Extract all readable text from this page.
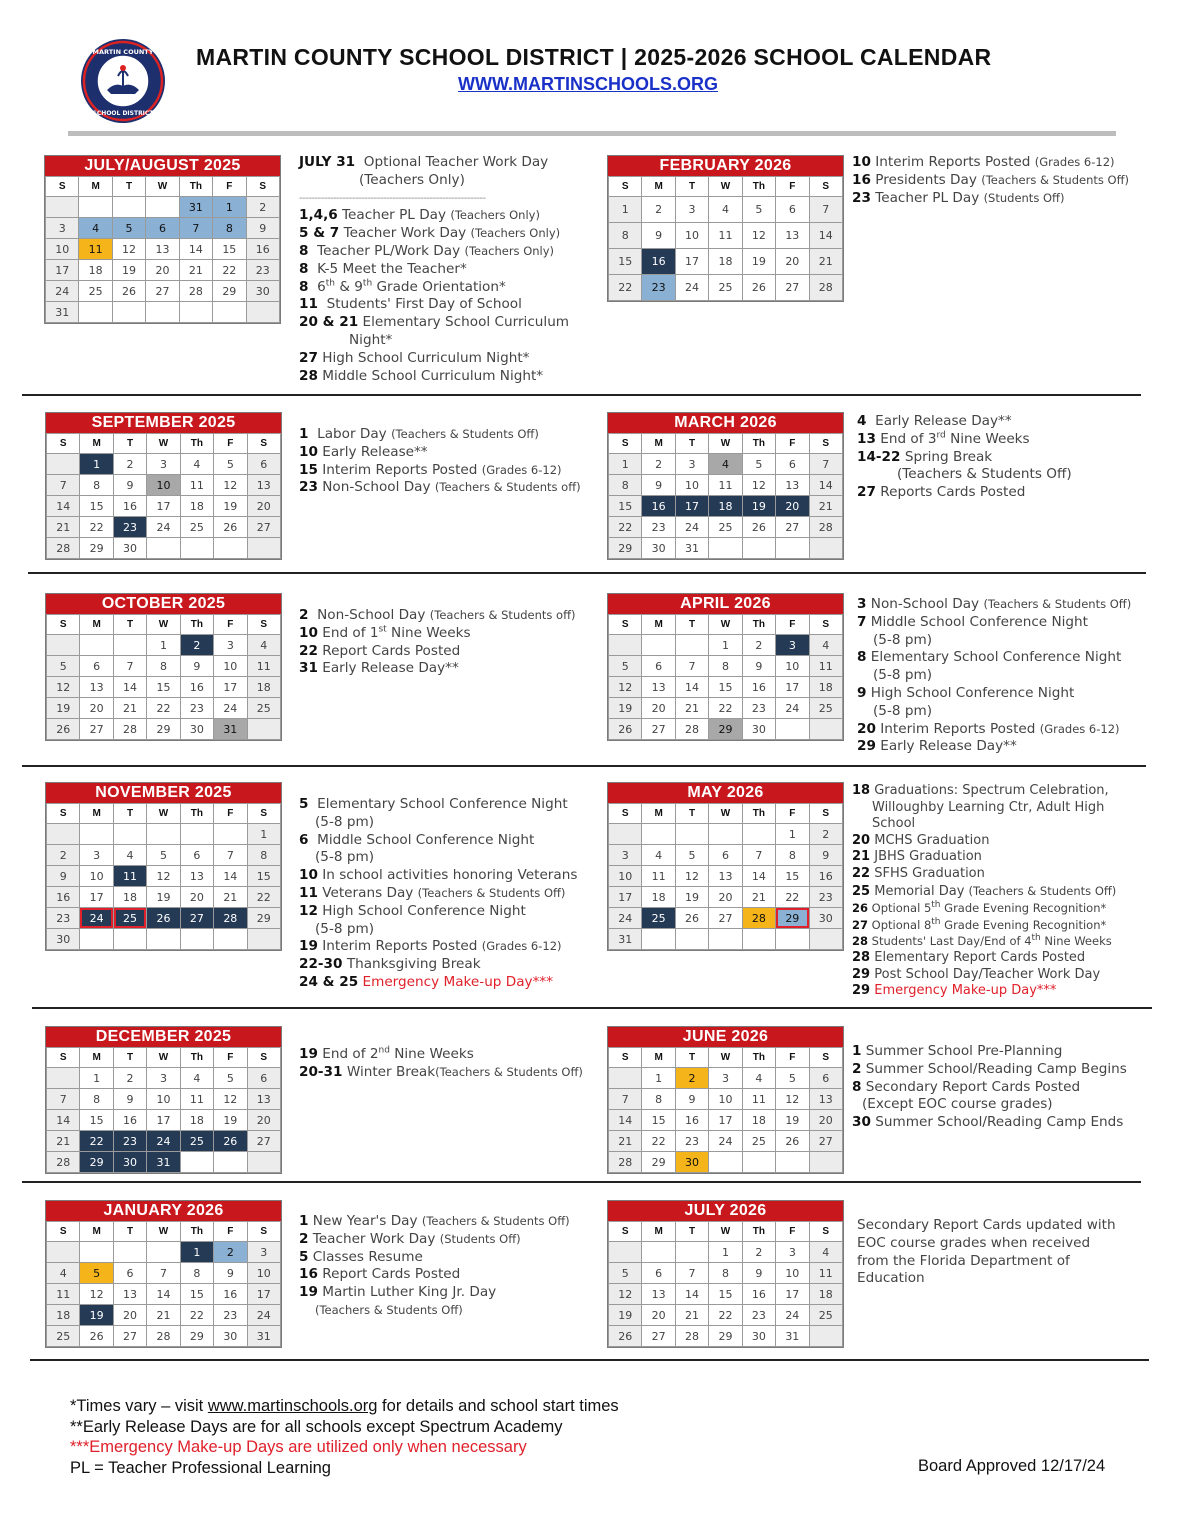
MARTIN COUNTY
SCHOOL DISTRICT
MARTIN COUNTY SCHOOL DISTRICT | 2025-2026 SCHOOL CALENDAR
WWW.MARTINSCHOOLS.ORG
JULY/AUGUST 2025
S	M	T	W	Th	F	S
				31	1	2
3	4	5	6	7	8	9
10	11	12	13	14	15	16
17	18	19	20	21	22	23
24	25	26	27	28	29	30
31						
FEBRUARY 2026
S	M	T	W	Th	F	S
1	2	3	4	5	6	7
8	9	10	11	12	13	14
15	16	17	18	19	20	21
22	23	24	25	26	27	28
SEPTEMBER 2025
S	M	T	W	Th	F	S
	1	2	3	4	5	6
7	8	9	10	11	12	13
14	15	16	17	18	19	20
21	22	23	24	25	26	27
28	29	30				
MARCH 2026
S	M	T	W	Th	F	S
1	2	3	4	5	6	7
8	9	10	11	12	13	14
15	16	17	18	19	20	21
22	23	24	25	26	27	28
29	30	31				
OCTOBER 2025
S	M	T	W	Th	F	S
			1	2	3	4
5	6	7	8	9	10	11
12	13	14	15	16	17	18
19	20	21	22	23	24	25
26	27	28	29	30	31	
APRIL 2026
S	M	T	W	Th	F	S
			1	2	3	4
5	6	7	8	9	10	11
12	13	14	15	16	17	18
19	20	21	22	23	24	25
26	27	28	29	30		
NOVEMBER 2025
S	M	T	W	Th	F	S
						1
2	3	4	5	6	7	8
9	10	11	12	13	14	15
16	17	18	19	20	21	22
23	24	25	26	27	28	29
30						
MAY 2026
S	M	T	W	Th	F	S
					1	2
3	4	5	6	7	8	9
10	11	12	13	14	15	16
17	18	19	20	21	22	23
24	25	26	27	28	29	30
31						
DECEMBER 2025
S	M	T	W	Th	F	S
	1	2	3	4	5	6
7	8	9	10	11	12	13
14	15	16	17	18	19	20
21	22	23	24	25	26	27
28	29	30	31			
JUNE 2026
S	M	T	W	Th	F	S
	1	2	3	4	5	6
7	8	9	10	11	12	13
14	15	16	17	18	19	20
21	22	23	24	25	26	27
28	29	30				
JANUARY 2026
S	M	T	W	Th	F	S
				1	2	3
4	5	6	7	8	9	10
11	12	13	14	15	16	17
18	19	20	21	22	23	24
25	26	27	28	29	30	31
JULY 2026
S	M	T	W	Th	F	S
			1	2	3	4
5	6	7	8	9	10	11
12	13	14	15	16	17	18
19	20	21	22	23	24	25
26	27	28	29	30	31	
JULY 31 Optional Teacher Work Day
(Teachers Only)
------------------------------------------------------------
1,4,6 Teacher PL Day (Teachers Only)
5 & 7 Teacher Work Day (Teachers Only)
8 Teacher PL/Work Day (Teachers Only)
8 K-5 Meet the Teacher*
8 6th & 9th Grade Orientation*
11 Students' First Day of School
20 & 21 Elementary School Curriculum
Night*
27 High School Curriculum Night*
28 Middle School Curriculum Night*
10 Interim Reports Posted (Grades 6-12)
16 Presidents Day (Teachers & Students Off)
23 Teacher PL Day (Students Off)
1 Labor Day (Teachers & Students Off)
10 Early Release**
15 Interim Reports Posted (Grades 6-12)
23 Non-School Day (Teachers & Students off)
4 Early Release Day**
13 End of 3rd Nine Weeks
14-22 Spring Break
(Teachers & Students Off)
27 Reports Cards Posted
2 Non-School Day (Teachers & Students off)
10 End of 1st Nine Weeks
22 Report Cards Posted
31 Early Release Day**
3 Non-School Day (Teachers & Students Off)
7 Middle School Conference Night
(5-8 pm)
8 Elementary School Conference Night
(5-8 pm)
9 High School Conference Night
(5-8 pm)
20 Interim Reports Posted (Grades 6-12)
29 Early Release Day**
5 Elementary School Conference Night
(5-8 pm)
6 Middle School Conference Night
(5-8 pm)
10 In school activities honoring Veterans
11 Veterans Day (Teachers & Students Off)
12 High School Conference Night
(5-8 pm)
19 Interim Reports Posted (Grades 6-12)
22-30 Thanksgiving Break
24 & 25 Emergency Make-up Day***
18 Graduations: Spectrum Celebration,
Willoughby Learning Ctr, Adult High
School
20 MCHS Graduation
21 JBHS Graduation
22 SFHS Graduation
25 Memorial Day (Teachers & Students Off)
26 Optional 5th Grade Evening Recognition*
27 Optional 8th Grade Evening Recognition*
28 Students' Last Day/End of 4th Nine Weeks
28 Elementary Report Cards Posted
29 Post School Day/Teacher Work Day
29 Emergency Make-up Day***
19 End of 2nd Nine Weeks
20-31 Winter Break(Teachers & Students Off)
1 Summer School Pre-Planning
2 Summer School/Reading Camp Begins
8 Secondary Report Cards Posted
(Except EOC course grades)
30 Summer School/Reading Camp Ends
1 New Year's Day (Teachers & Students Off)
2 Teacher Work Day (Students Off)
5 Classes Resume
16 Report Cards Posted
19 Martin Luther King Jr. Day
(Teachers & Students Off)
Secondary Report Cards updated with
EOC course grades when received
from the Florida Department of
Education
*Times vary – visit www.martinschools.org for details and school start times
**Early Release Days are for all schools except Spectrum Academy
***Emergency Make-up Days are utilized only when necessary
PL = Teacher Professional Learning	Board Approved 12/17/24
